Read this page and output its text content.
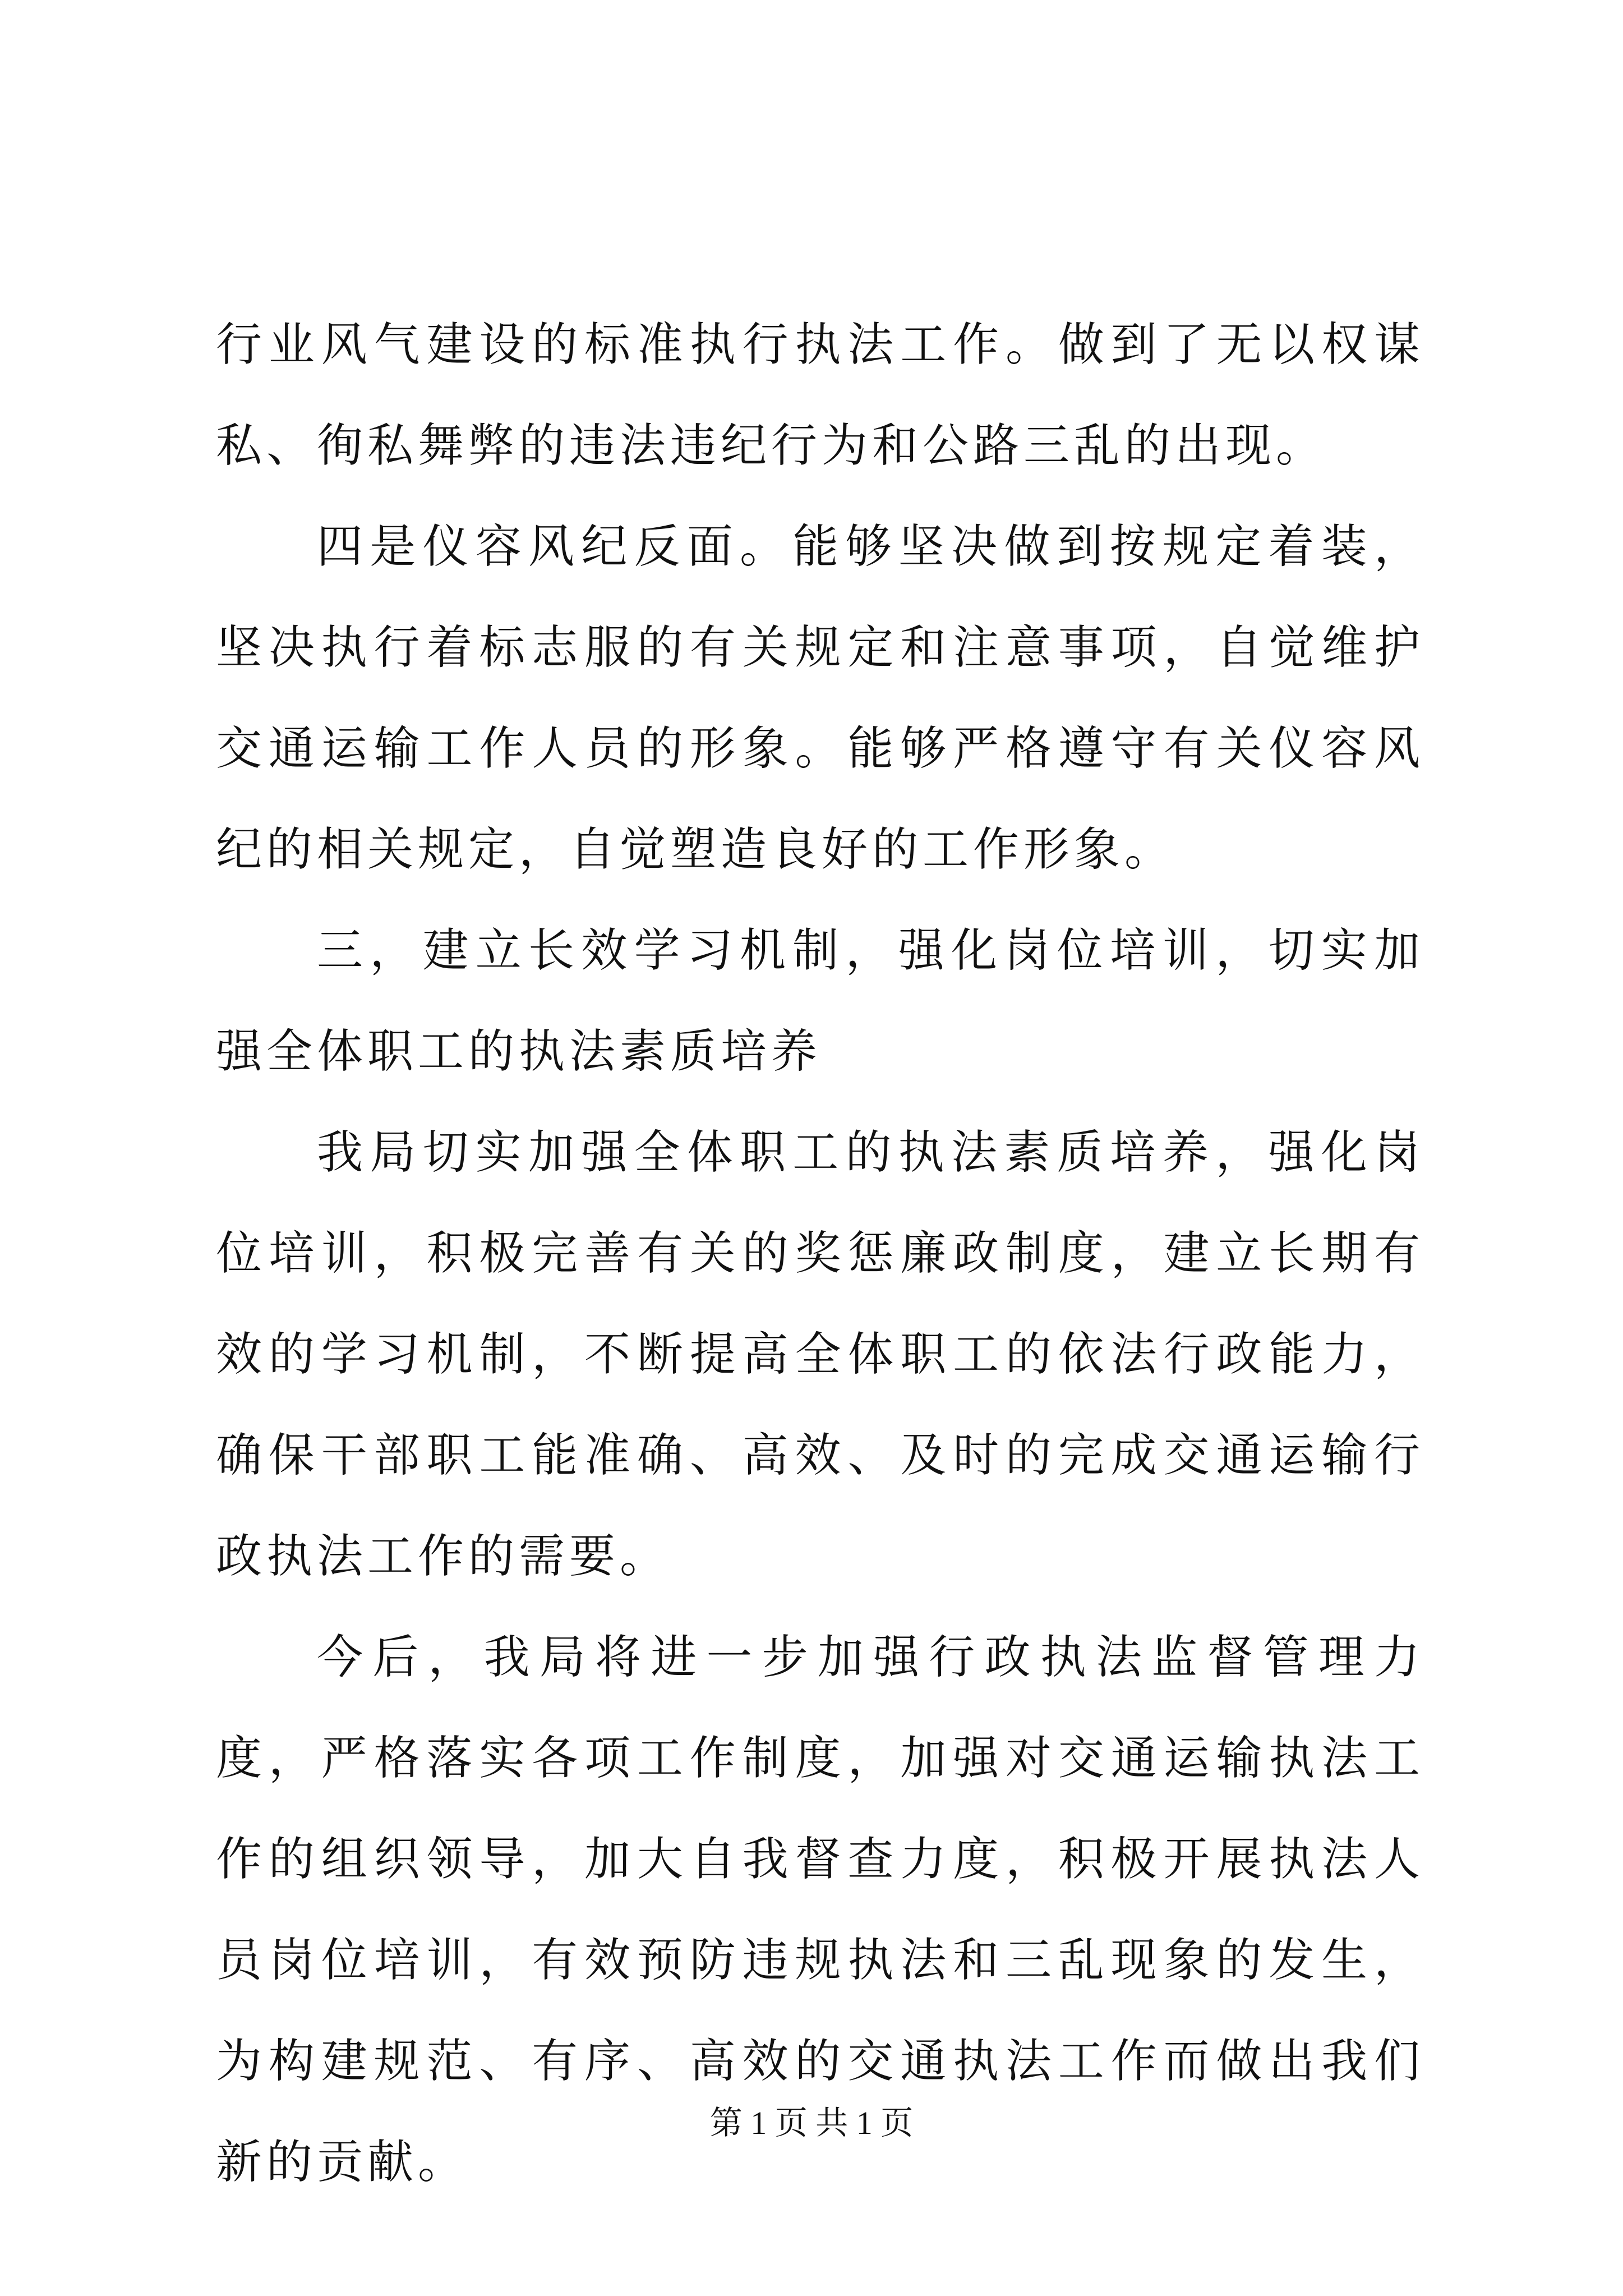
行业风气建设的标准执行执法工作。做到了无以权谋私、徇私舞弊的违法违纪行为和公路三乱的出现。

四是仪容风纪反面。能够坚决做到按规定着装，坚决执行着标志服的有关规定和注意事项，自觉维护交通运输工作人员的形象。能够严格遵守有关仪容风纪的相关规定，自觉塑造良好的工作形象。

三，建立长效学习机制，强化岗位培训，切实加强全体职工的执法素质培养

我局切实加强全体职工的执法素质培养，强化岗位培训，积极完善有关的奖惩廉政制度，建立长期有效的学习机制，不断提高全体职工的依法行政能力，确保干部职工能准确、高效、及时的完成交通运输行政执法工作的需要。

今后，我局将进一步加强行政执法监督管理力度，严格落实各项工作制度，加强对交通运输执法工作的组织领导，加大自我督查力度，积极开展执法人员岗位培训，有效预防违规执法和三乱现象的发生，为构建规范、有序、高效的交通执法工作而做出我们新的贡献。

第 1 页 共 1 页
